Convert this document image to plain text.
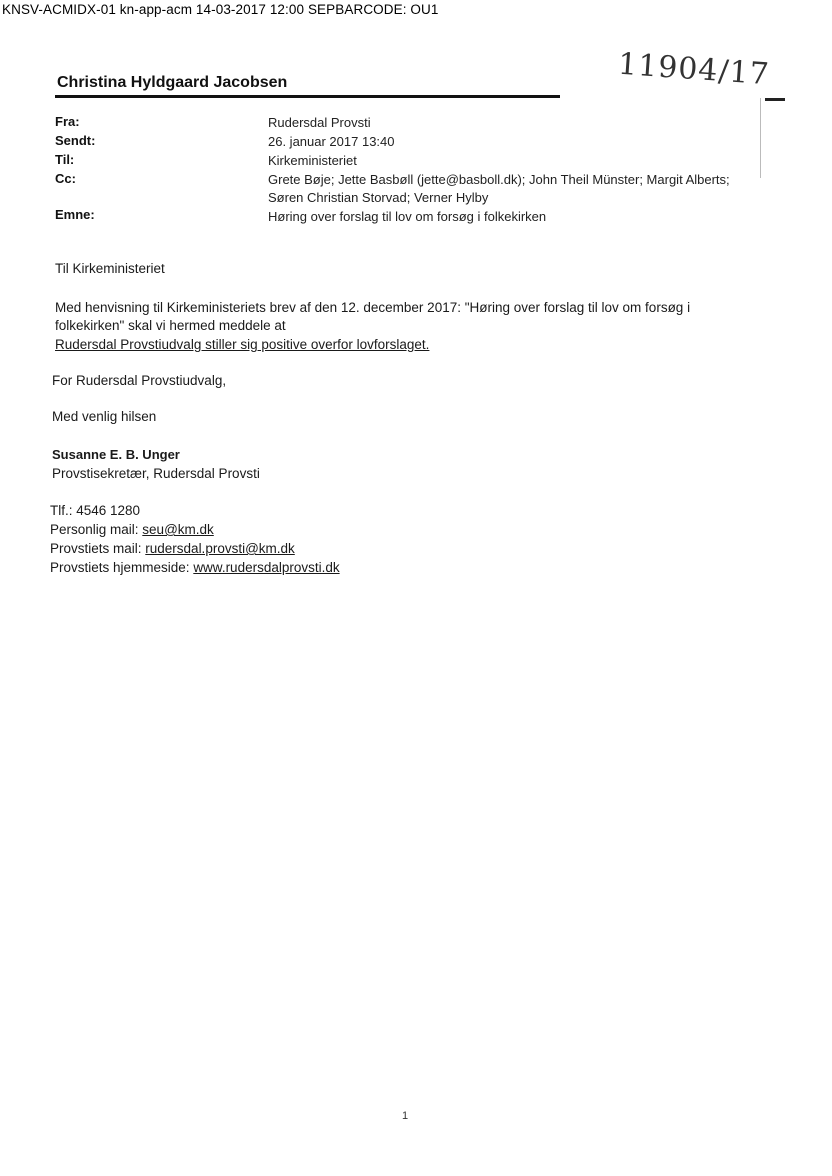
KNSV-ACMIDX-01 kn-app-acm 14-03-2017 12:00 SEPBARCODE: OU1
11904/17
Christina Hyldgaard Jacobsen
Fra:	Rudersdal Provsti
Sendt:	26. januar 2017 13:40
Til:	Kirkeministeriet
Cc:	Grete Bøje; Jette Basbøll (jette@basboll.dk); John Theil Münster; Margit Alberts;
Søren Christian Storvad; Verner Hylby
Emne:	Høring over forslag til lov om forsøg i folkekirken
Til Kirkeministeriet
Med henvisning til Kirkeministeriets brev af den 12. december 2017: "Høring over forslag til lov om forsøg i
folkekirken" skal vi hermed meddele at
Rudersdal Provstiudvalg stiller sig positive overfor lovforslaget.
For Rudersdal Provstiudvalg,
Med venlig hilsen
Susanne E. B. Unger
Provstisekretær, Rudersdal Provsti
Tlf.: 4546 1280
Personlig mail: seu@km.dk
Provstiets mail: rudersdal.provsti@km.dk
Provstiets hjemmeside: www.rudersdalprovsti.dk
1
